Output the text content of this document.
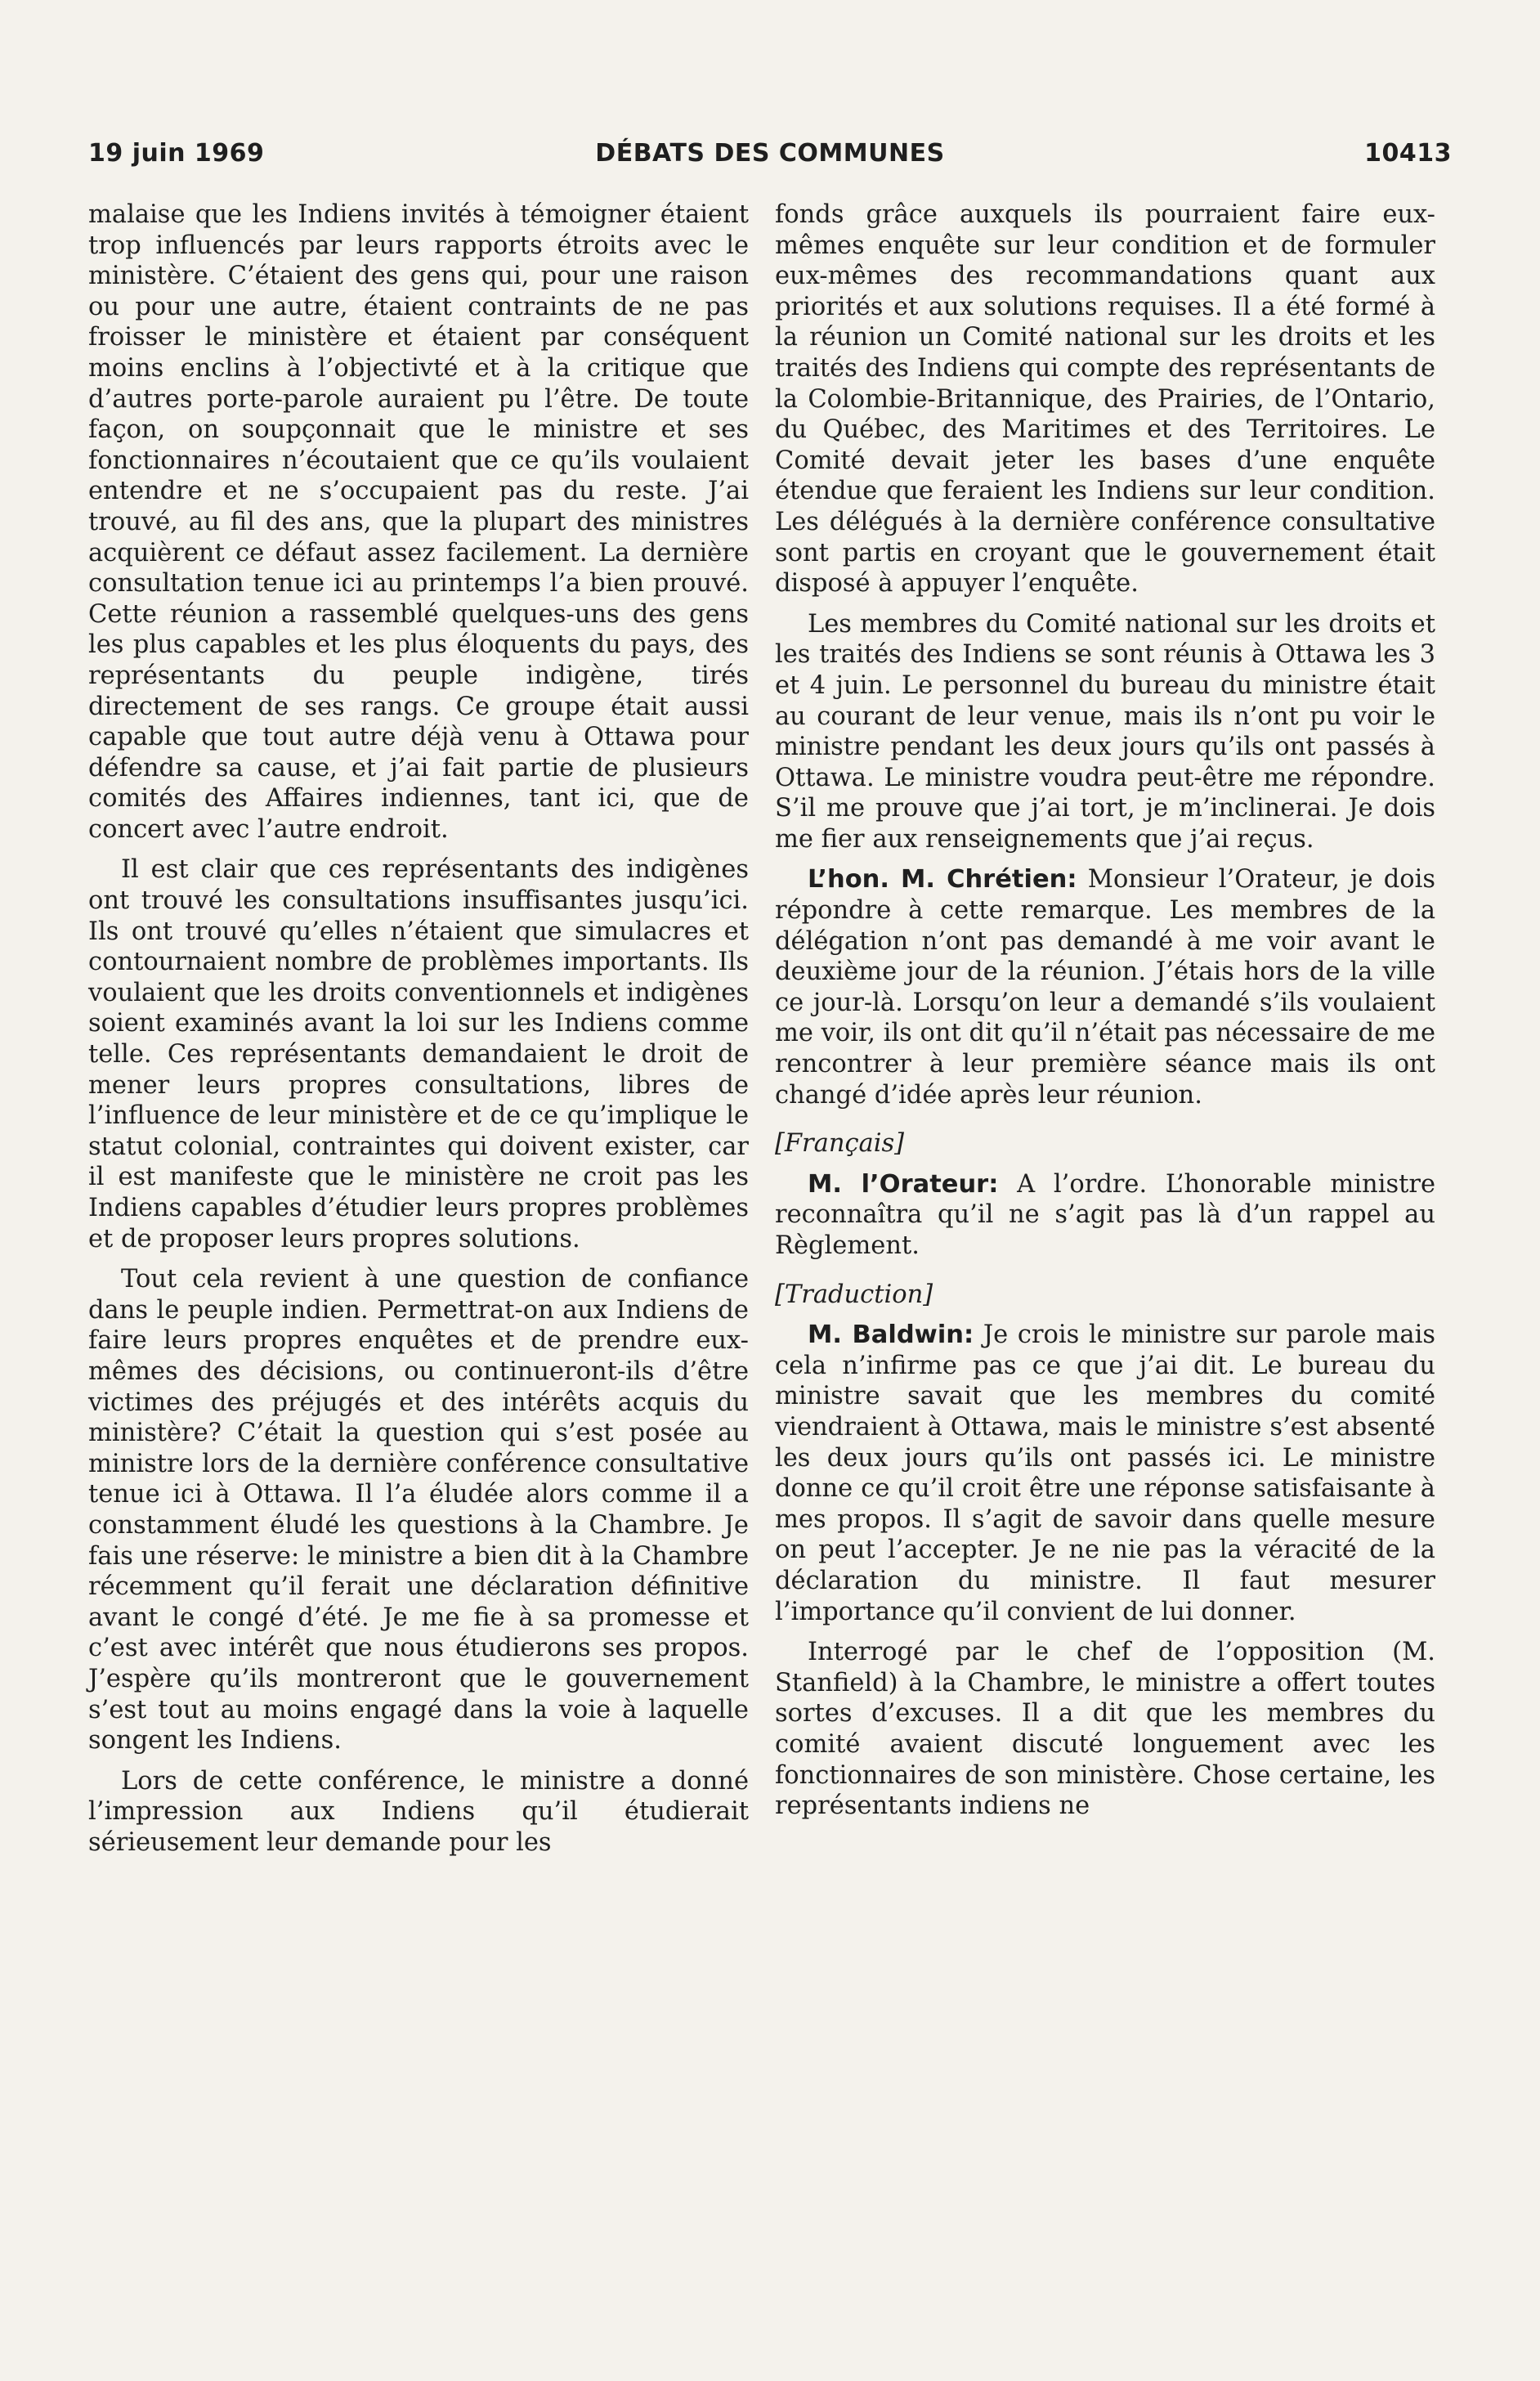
19 juin 1969	DÉBATS DES COMMUNES	10413

malaise que les Indiens invités à témoigner étaient trop influencés par leurs rapports étroits avec le ministère. C’étaient des gens qui, pour une raison ou pour une autre, étaient contraints de ne pas froisser le ministère et étaient par conséquent moins enclins à l’objectivté et à la critique que d’autres porte-parole auraient pu l’être. De toute façon, on soupçonnait que le ministre et ses fonctionnaires n’écoutaient que ce qu’ils voulaient entendre et ne s’occupaient pas du reste. J’ai trouvé, au fil des ans, que la plupart des ministres acquièrent ce défaut assez facilement. La dernière consultation tenue ici au printemps l’a bien prouvé. Cette réunion a rassemblé quelques-uns des gens les plus capables et les plus éloquents du pays, des représentants du peuple indigène, tirés directement de ses rangs. Ce groupe était aussi capable que tout autre déjà venu à Ottawa pour défendre sa cause, et j’ai fait partie de plusieurs comités des Affaires indiennes, tant ici, que de concert avec l’autre endroit.

Il est clair que ces représentants des indigènes ont trouvé les consultations insuffisantes jusqu’ici. Ils ont trouvé qu’elles n’étaient que simulacres et contournaient nombre de problèmes importants. Ils voulaient que les droits conventionnels et indigènes soient examinés avant la loi sur les Indiens comme telle. Ces représentants demandaient le droit de mener leurs propres consultations, libres de l’influence de leur ministère et de ce qu’implique le statut colonial, contraintes qui doivent exister, car il est manifeste que le ministère ne croit pas les Indiens capables d’étudier leurs propres problèmes et de proposer leurs propres solutions.

Tout cela revient à une question de confiance dans le peuple indien. Permettrat-on aux Indiens de faire leurs propres enquêtes et de prendre eux-mêmes des décisions, ou continueront-ils d’être victimes des préjugés et des intérêts acquis du ministère? C’était la question qui s’est posée au ministre lors de la dernière conférence consultative tenue ici à Ottawa. Il l’a éludée alors comme il a constamment éludé les questions à la Chambre. Je fais une réserve: le ministre a bien dit à la Chambre récemment qu’il ferait une déclaration définitive avant le congé d’été. Je me fie à sa promesse et c’est avec intérêt que nous étudierons ses propos. J’espère qu’ils montreront que le gouvernement s’est tout au moins engagé dans la voie à laquelle songent les Indiens.

Lors de cette conférence, le ministre a donné l’impression aux Indiens qu’il étudierait sérieusement leur demande pour les

fonds grâce auxquels ils pourraient faire eux-mêmes enquête sur leur condition et de formuler eux-mêmes des recommandations quant aux priorités et aux solutions requises. Il a été formé à la réunion un Comité national sur les droits et les traités des Indiens qui compte des représentants de la Colombie-Britannique, des Prairies, de l’Ontario, du Québec, des Maritimes et des Territoires. Le Comité devait jeter les bases d’une enquête étendue que feraient les Indiens sur leur condition. Les délégués à la dernière conférence consultative sont partis en croyant que le gouvernement était disposé à appuyer l’enquête.

Les membres du Comité national sur les droits et les traités des Indiens se sont réunis à Ottawa les 3 et 4 juin. Le personnel du bureau du ministre était au courant de leur venue, mais ils n’ont pu voir le ministre pendant les deux jours qu’ils ont passés à Ottawa. Le ministre voudra peut-être me répondre. S’il me prouve que j’ai tort, je m’inclinerai. Je dois me fier aux renseignements que j’ai reçus.

L’hon. M. Chrétien: Monsieur l’Orateur, je dois répondre à cette remarque. Les membres de la délégation n’ont pas demandé à me voir avant le deuxième jour de la réunion. J’étais hors de la ville ce jour-là. Lorsqu’on leur a demandé s’ils voulaient me voir, ils ont dit qu’il n’était pas nécessaire de me rencontrer à leur première séance mais ils ont changé d’idée après leur réunion.

[Français]

M. l’Orateur: A l’ordre. L’honorable ministre reconnaîtra qu’il ne s’agit pas là d’un rappel au Règlement.

[Traduction]

M. Baldwin: Je crois le ministre sur parole mais cela n’infirme pas ce que j’ai dit. Le bureau du ministre savait que les membres du comité viendraient à Ottawa, mais le ministre s’est absenté les deux jours qu’ils ont passés ici. Le ministre donne ce qu’il croit être une réponse satisfaisante à mes propos. Il s’agit de savoir dans quelle mesure on peut l’accepter. Je ne nie pas la véracité de la déclaration du ministre. Il faut mesurer l’importance qu’il convient de lui donner.

Interrogé par le chef de l’opposition (M. Stanfield) à la Chambre, le ministre a offert toutes sortes d’excuses. Il a dit que les membres du comité avaient discuté longuement avec les fonctionnaires de son ministère. Chose certaine, les représentants indiens ne
